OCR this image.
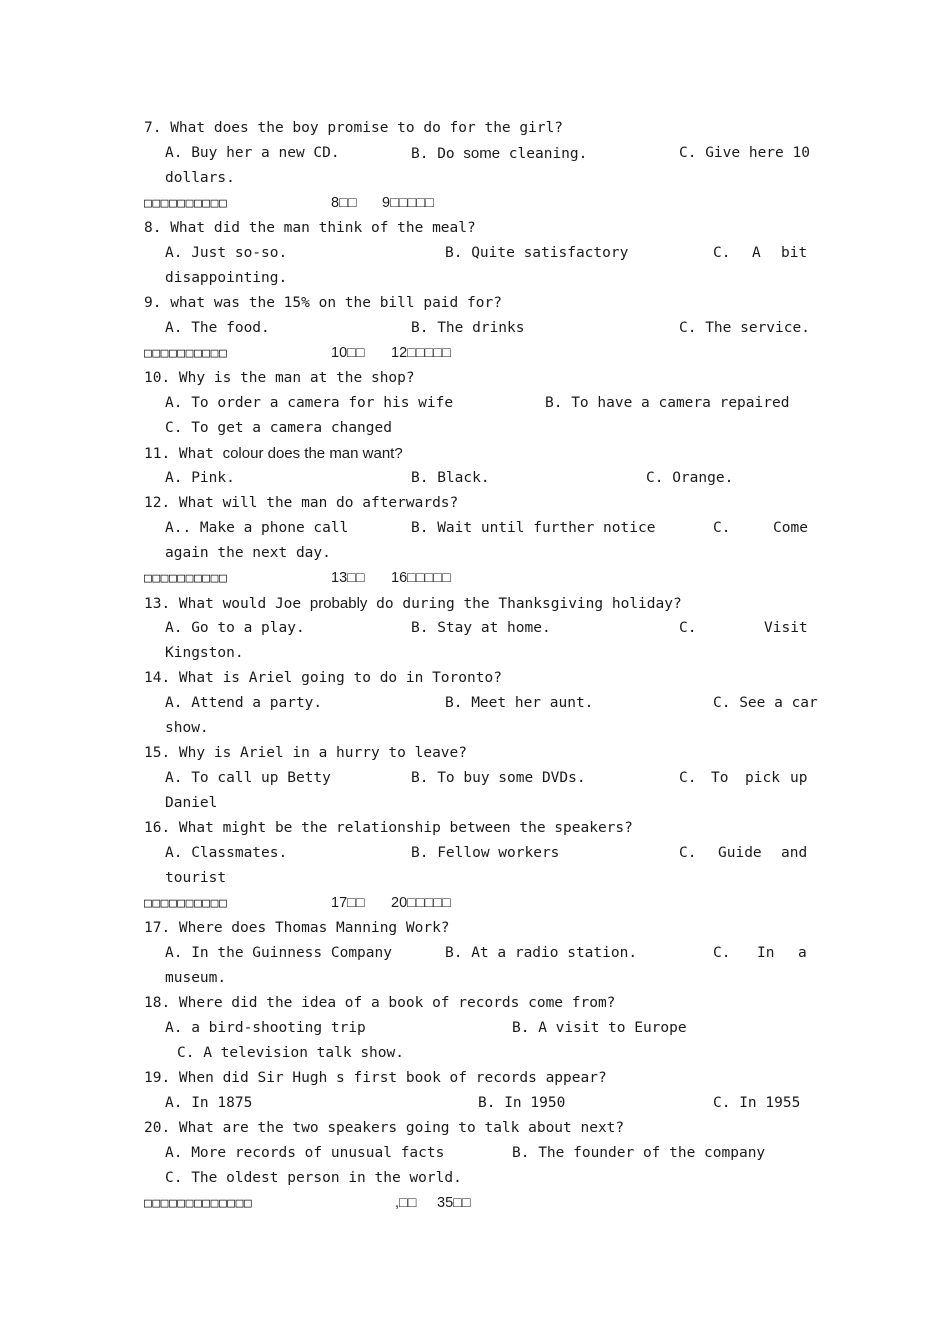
7. What does the boy promise to do for the girl?

A. Buy her a new CD.

	B. Do some cleaning.

	C. Give here 10

dollars.

□□□□□□□□□□

	8□□

9□□□□□

8. What did the man think of the meal?

A. Just so-so.

	B. Quite satisfactory

	C.

A

bit

disappointing.

9. what was the 15% on the bill paid for?

A. The food.

	B. The drinks

	C. The service.

□□□□□□□□□□

	10□□

12□□□□□

10. Why is the man at the shop?

A. To order a camera for his wife

	B. To have a camera repaired

C. To get a camera changed

11. What colour does the man want?

A. Pink.

	B. Black.

	C. Orange.

12. What will the man do afterwards?

A.. Make a phone call

	B. Wait until further notice

	C.

	Come

again the next day.

□□□□□□□□□□

	13□□

16□□□□□

13. What would Joe probably do during the Thanksgiving holiday?

A. Go to a play.

	B. Stay at home.

	C.

	Visit

Kingston.

14. What is Ariel going to do in Toronto?

A. Attend a party.

	B. Meet her aunt.

	C. See a car

show.

15. Why is Ariel in a hurry to leave?

A. To call up Betty

	B. To buy some DVDs.

	C.

To

pick

up

Daniel

16. What might be the relationship between the speakers?

A. Classmates.

	B. Fellow workers

	C.

Guide

and

tourist

□□□□□□□□□□

	17□□

20□□□□□

17. Where does Thomas Manning Work?

A. In the Guinness Company

	B. At a radio station.

	C.

In

a

museum.

18. Where did the idea of a book of records come from?

A. a bird-shooting trip

	B. A visit to Europe

C. A television talk show.

19. When did Sir Hugh s first book of records appear?

A. In 1875

	B. In 1950

	C. In 1955

20. What are the two speakers going to talk about next?

A. More records of unusual facts

	B. The founder of the company

C. The oldest person in the world.

□□□□□□□□□□□□□

	,□□

35□□
